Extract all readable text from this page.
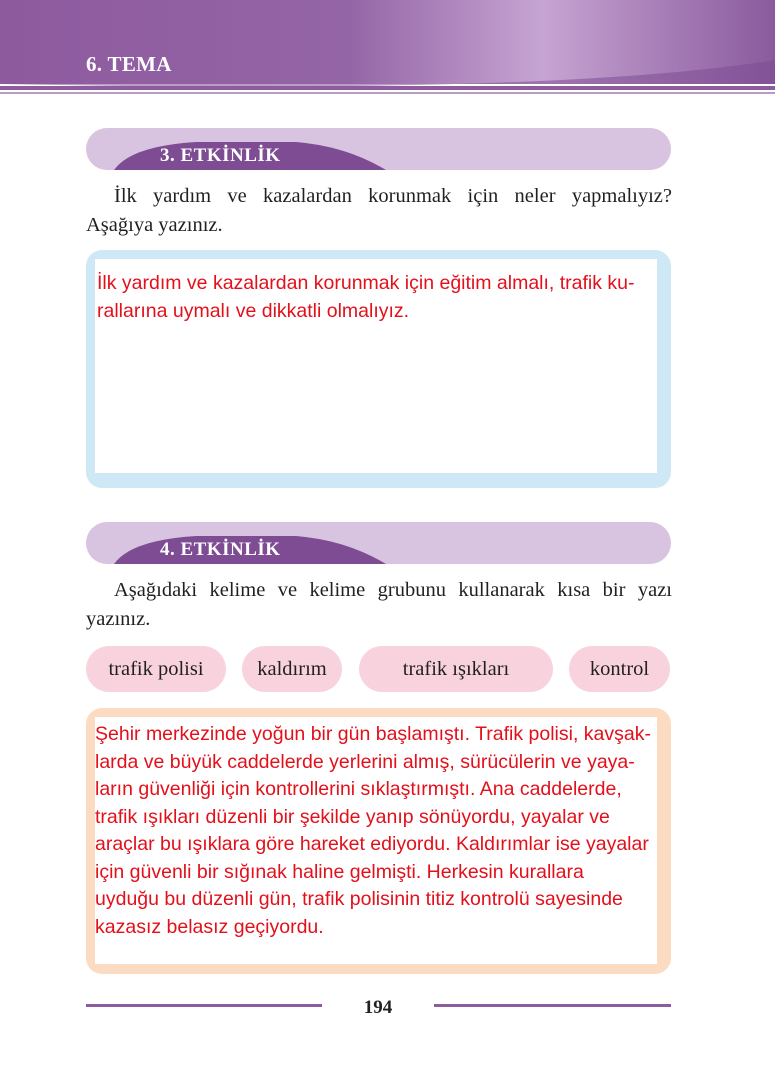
6. TEMA
3. ETKİNLİK
İlk yardım ve kazalardan korunmak için neler yapmalıyız?
Aşağıya yazınız.
İlk yardım ve kazalardan korunmak için eğitim almalı, trafik ku-
rallarına uymalı ve dikkatli olmalıyız.
4. ETKİNLİK
Aşağıdaki kelime ve kelime grubunu kullanarak kısa bir yazı
yazınız.
trafik polisi	kaldırım	trafik ışıkları	kontrol
Şehir merkezinde yoğun bir gün başlamıştı. Trafik polisi, kavşak-
larda ve büyük caddelerde yerlerini almış, sürücülerin ve yaya-
ların güvenliği için kontrollerini sıklaştırmıştı. Ana caddelerde,
trafik ışıkları düzenli bir şekilde yanıp sönüyordu, yayalar ve
araçlar bu ışıklara göre hareket ediyordu. Kaldırımlar ise yayalar
için güvenli bir sığınak haline gelmişti. Herkesin kurallara
uyduğu bu düzenli gün, trafik polisinin titiz kontrolü sayesinde
kazasız belasız geçiyordu.
194
